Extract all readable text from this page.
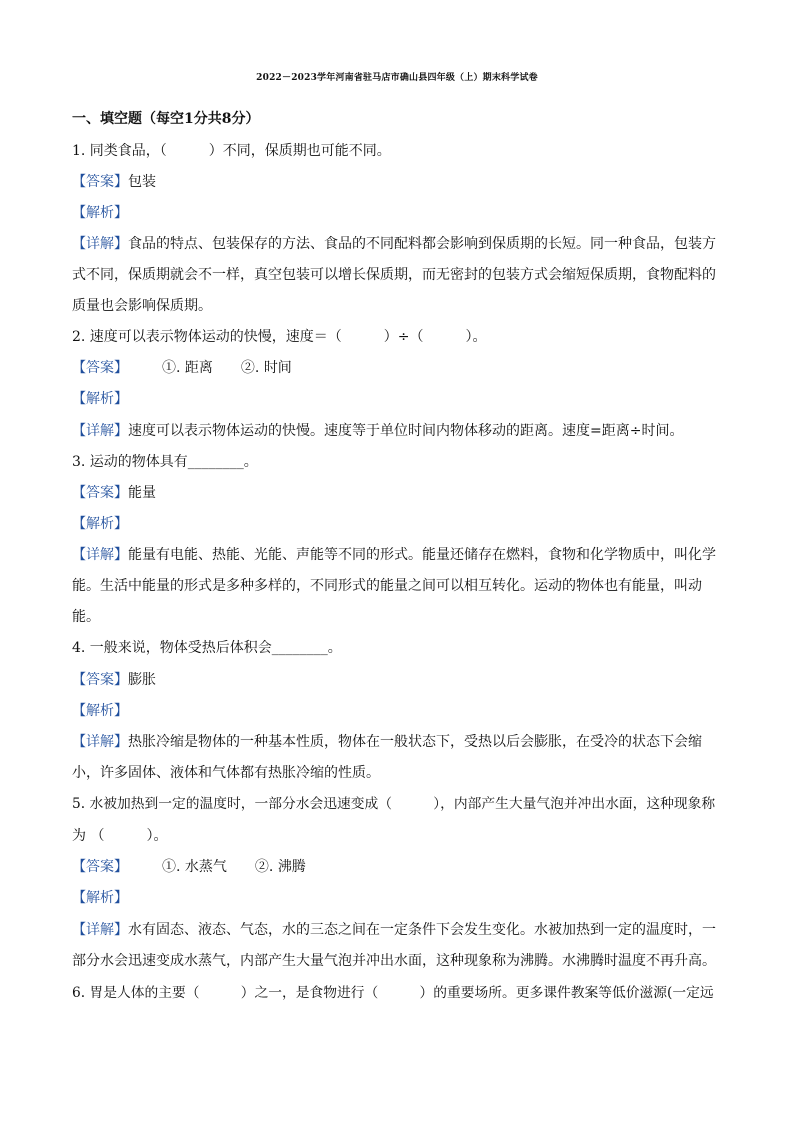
2022－2023学年河南省驻马店市确山县四年级（上）期末科学试卷
一、填空题（每空1分共8分）
1. 同类食品，（　　　）不同，保质期也可能不同。
【答案】包装
【解析】
【详解】食品的特点、包装保存的方法、食品的不同配料都会影响到保质期的长短。同一种食品，包装方
式不同，保质期就会不一样，真空包装可以增长保质期，而无密封的包装方式会缩短保质期，食物配料的
质量也会影响保质期。
2. 速度可以表示物体运动的快慢，速度＝（　　　）÷（　　　）。
【答案】 ①. 距离 ②. 时间
【解析】
【详解】速度可以表示物体运动的快慢。速度等于单位时间内物体移动的距离。速度=距离÷时间。
3. 运动的物体具有________。
【答案】能量
【解析】
【详解】能量有电能、热能、光能、声能等不同的形式。能量还储存在燃料，食物和化学物质中，叫化学
能。生活中能量的形式是多种多样的，不同形式的能量之间可以相互转化。运动的物体也有能量，叫动
能。
4. 一般来说，物体受热后体积会________。
【答案】膨胀
【解析】
【详解】热胀冷缩是物体的一种基本性质，物体在一般状态下，受热以后会膨胀，在受冷的状态下会缩
小，许多固体、液体和气体都有热胀冷缩的性质。
5. 水被加热到一定的温度时，一部分水会迅速变成（　　　），内部产生大量气泡并冲出水面，这种现象称
为 （　　　）。
【答案】 ①. 水蒸气 ②. 沸腾
【解析】
【详解】水有固态、液态、气态，水的三态之间在一定条件下会发生变化。水被加热到一定的温度时，一
部分水会迅速变成水蒸气，内部产生大量气泡并冲出水面，这种现象称为沸腾。水沸腾时温度不再升高。
6. 胃是人体的主要（　　　）之一，是食物进行（　　　）的重要场所。更多课件教案等低价滋源(一定远
